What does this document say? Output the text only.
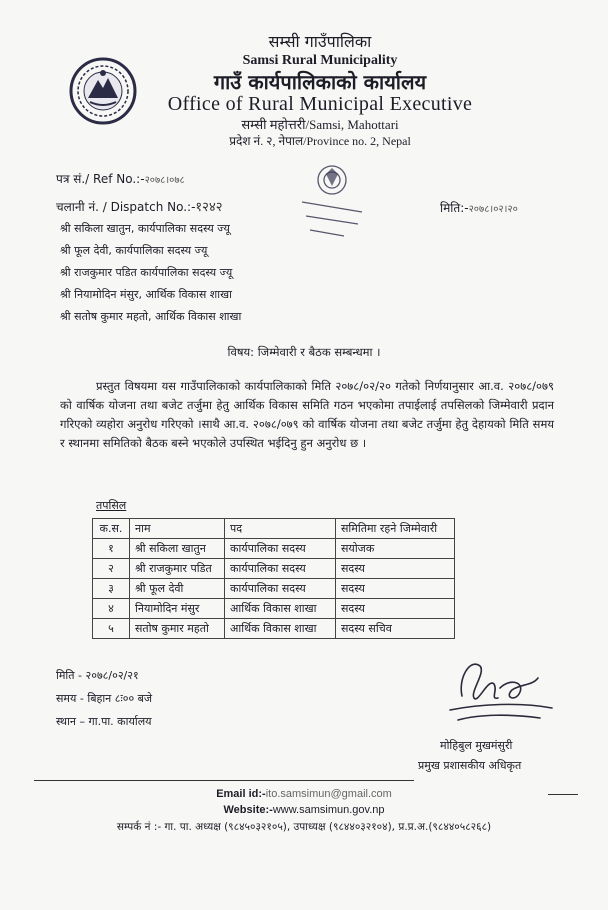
सम्सी गाउँपालिका
Samsi Rural Municipality
गाउँ कार्यपालिकाको कार्यालय
Office of Rural Municipal Executive
सम्सी महोत्तरी/Samsi, Mahottari
प्रदेश नं. २, नेपाल/Province no. 2, Nepal
पत्र सं./ Ref No.:-२०७८।०७८
चलानी नं. / Dispatch No.:-१२४२	मिति:-२०७८।०२।२०
श्री सकिला खातुन, कार्यपालिका सदस्य ज्यू
श्री फूल देवी, कार्यपालिका सदस्य ज्यू
श्री राजकुमार पडित कार्यपालिका सदस्य ज्यू
श्री नियामोदिन मंसुर, आर्थिक विकास शाखा
श्री सतोष कुमार महतो, आर्थिक विकास शाखा
विषय: जिम्मेवारी र बैठक सम्बन्धमा ।
प्रस्तुत विषयमा यस गाउँपालिकाको कार्यपालिकाको मिति २०७८/०२/२० गतेको निर्णयानुसार आ.व. २०७८/०७९ को वार्षिक योजना तथा बजेट तर्जुमा हेतु आर्थिक विकास समिति गठन भएकोमा तपाईलाई तपसिलको जिम्मेवारी प्रदान गरिएको व्यहोरा अनुरोध गरिएको ।साथै आ.व. २०७८/०७९ को वार्षिक योजना तथा बजेट तर्जुमा हेतु देहायको मिति समय र स्थानमा समितिको बैठक बस्ने भएकोले उपस्थित भईदिनु हुन अनुरोध छ ।
तपसिल
क.स.	नाम	पद	समितिमा रहने जिम्मेवारी
१	श्री सकिला खातुन	कार्यपालिका सदस्य	सयोजक
२	श्री राजकुमार पडित	कार्यपालिका सदस्य	सदस्य
३	श्री फूल देवी	कार्यपालिका सदस्य	सदस्य
४	नियामोदिन मंसुर	आर्थिक विकास शाखा	सदस्य
५	सतोष कुमार महतो	आर्थिक विकास शाखा	सदस्य सचिव
मिति - २०७८/०२/२१
समय - बिहान ८ः०० बजे
स्थान – गा.पा. कार्यालय
मोहिबुल मुखमंसुरी
प्रमुख प्रशासकीय अधिकृत
Email id:-ito.samsimun@gmail.com
Website:-www.samsimun.gov.np
सम्पर्क नं :- गा. पा. अध्यक्ष (९८४५०३२१०५), उपाध्यक्ष (९८४४०३२१०४), प्र.प्र.अ.(९८४४०५८२६८)
